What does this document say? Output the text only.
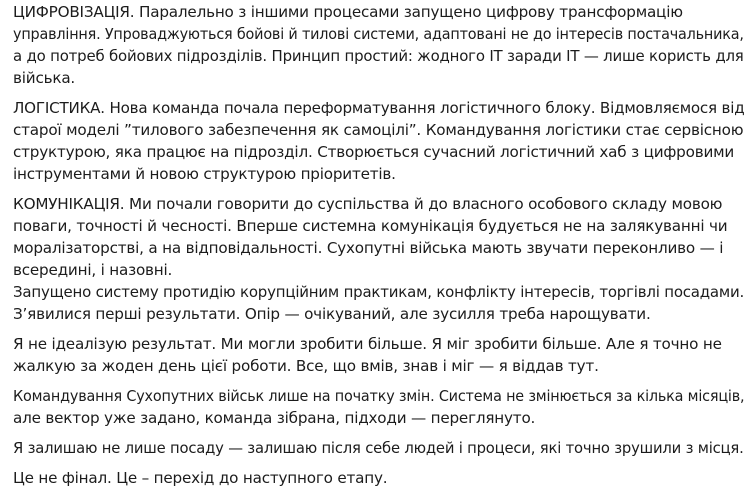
ЦИФРОВІЗАЦІЯ. Паралельно з іншими процесами запущено цифрову трансформацію
управління. Упроваджуються бойові й тилові системи, адаптовані не до інтересів постачальника,
а до потреб бойових підрозділів. Принцип простий: жодного ІТ заради ІТ — лише користь для
війська.
ЛОГІСТИКА. Нова команда почала переформатування логістичного блоку. Відмовляємося від
старої моделі ”тилового забезпечення як самоцілі”. Командування логістики стає сервісною
структурою, яка працює на підрозділ. Створюється сучасний логістичний хаб з цифровими
інструментами й новою структурою пріоритетів.
КОМУНІКАЦІЯ. Ми почали говорити до суспільства й до власного особового складу мовою
поваги, точності й чесності. Вперше системна комунікація будується не на залякуванні чи
моралізаторстві, а на відповідальності. Сухопутні війська мають звучати переконливо — і
всередині, і назовні.
Запущено систему протидію корупційним практикам, конфлікту інтересів, торгівлі посадами.
З’явилися перші результати. Опір — очікуваний, але зусилля треба нарощувати.
Я не ідеалізую результат. Ми могли зробити більше. Я міг зробити більше. Але я точно не
жалкую за жоден день цієї роботи. Все, що вмів, знав і міг — я віддав тут.
Командування Сухопутних військ лише на початку змін. Система не змінюється за кілька місяців,
але вектор уже задано, команда зібрана, підходи — переглянуто.
Я залишаю не лише посаду — залишаю після себе людей і процеси, які точно зрушили з місця.
Це не фінал. Це – перехід до наступного етапу.
